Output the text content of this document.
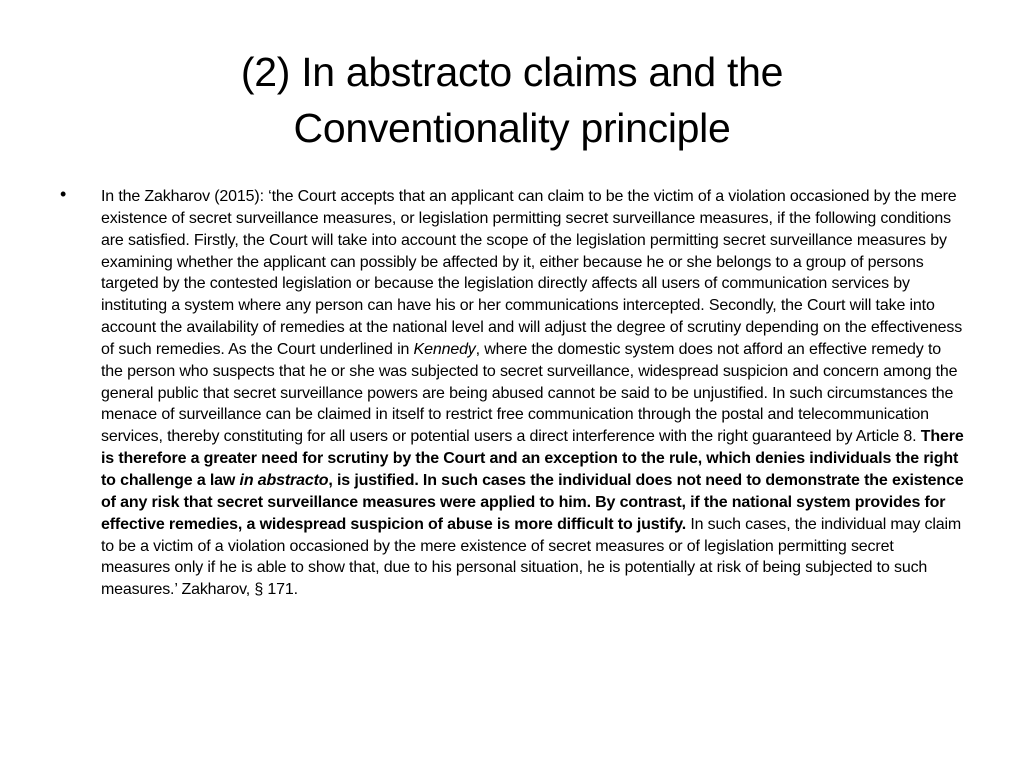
(2) In abstracto claims and the
Conventionality principle
• In the Zakharov (2015): ‘the Court accepts that an applicant can claim to be the victim of a violation occasioned by the mere existence of secret surveillance measures, or legislation permitting secret surveillance measures, if the following conditions are satisfied. Firstly, the Court will take into account the scope of the legislation permitting secret surveillance measures by examining whether the applicant can possibly be affected by it, either because he or she belongs to a group of persons targeted by the contested legislation or because the legislation directly affects all users of communication services by instituting a system where any person can have his or her communications intercepted. Secondly, the Court will take into account the availability of remedies at the national level and will adjust the degree of scrutiny depending on the effectiveness of such remedies. As the Court underlined in Kennedy, where the domestic system does not afford an effective remedy to the person who suspects that he or she was subjected to secret surveillance, widespread suspicion and concern among the general public that secret surveillance powers are being abused cannot be said to be unjustified. In such circumstances the menace of surveillance can be claimed in itself to restrict free communication through the postal and telecommunication services, thereby constituting for all users or potential users a direct interference with the right guaranteed by Article 8. There is therefore a greater need for scrutiny by the Court and an exception to the rule, which denies individuals the right to challenge a law in abstracto, is justified. In such cases the individual does not need to demonstrate the existence of any risk that secret surveillance measures were applied to him. By contrast, if the national system provides for effective remedies, a widespread suspicion of abuse is more difficult to justify. In such cases, the individual may claim to be a victim of a violation occasioned by the mere existence of secret measures or of legislation permitting secret measures only if he is able to show that, due to his personal situation, he is potentially at risk of being subjected to such measures.’ Zakharov, § 171.
